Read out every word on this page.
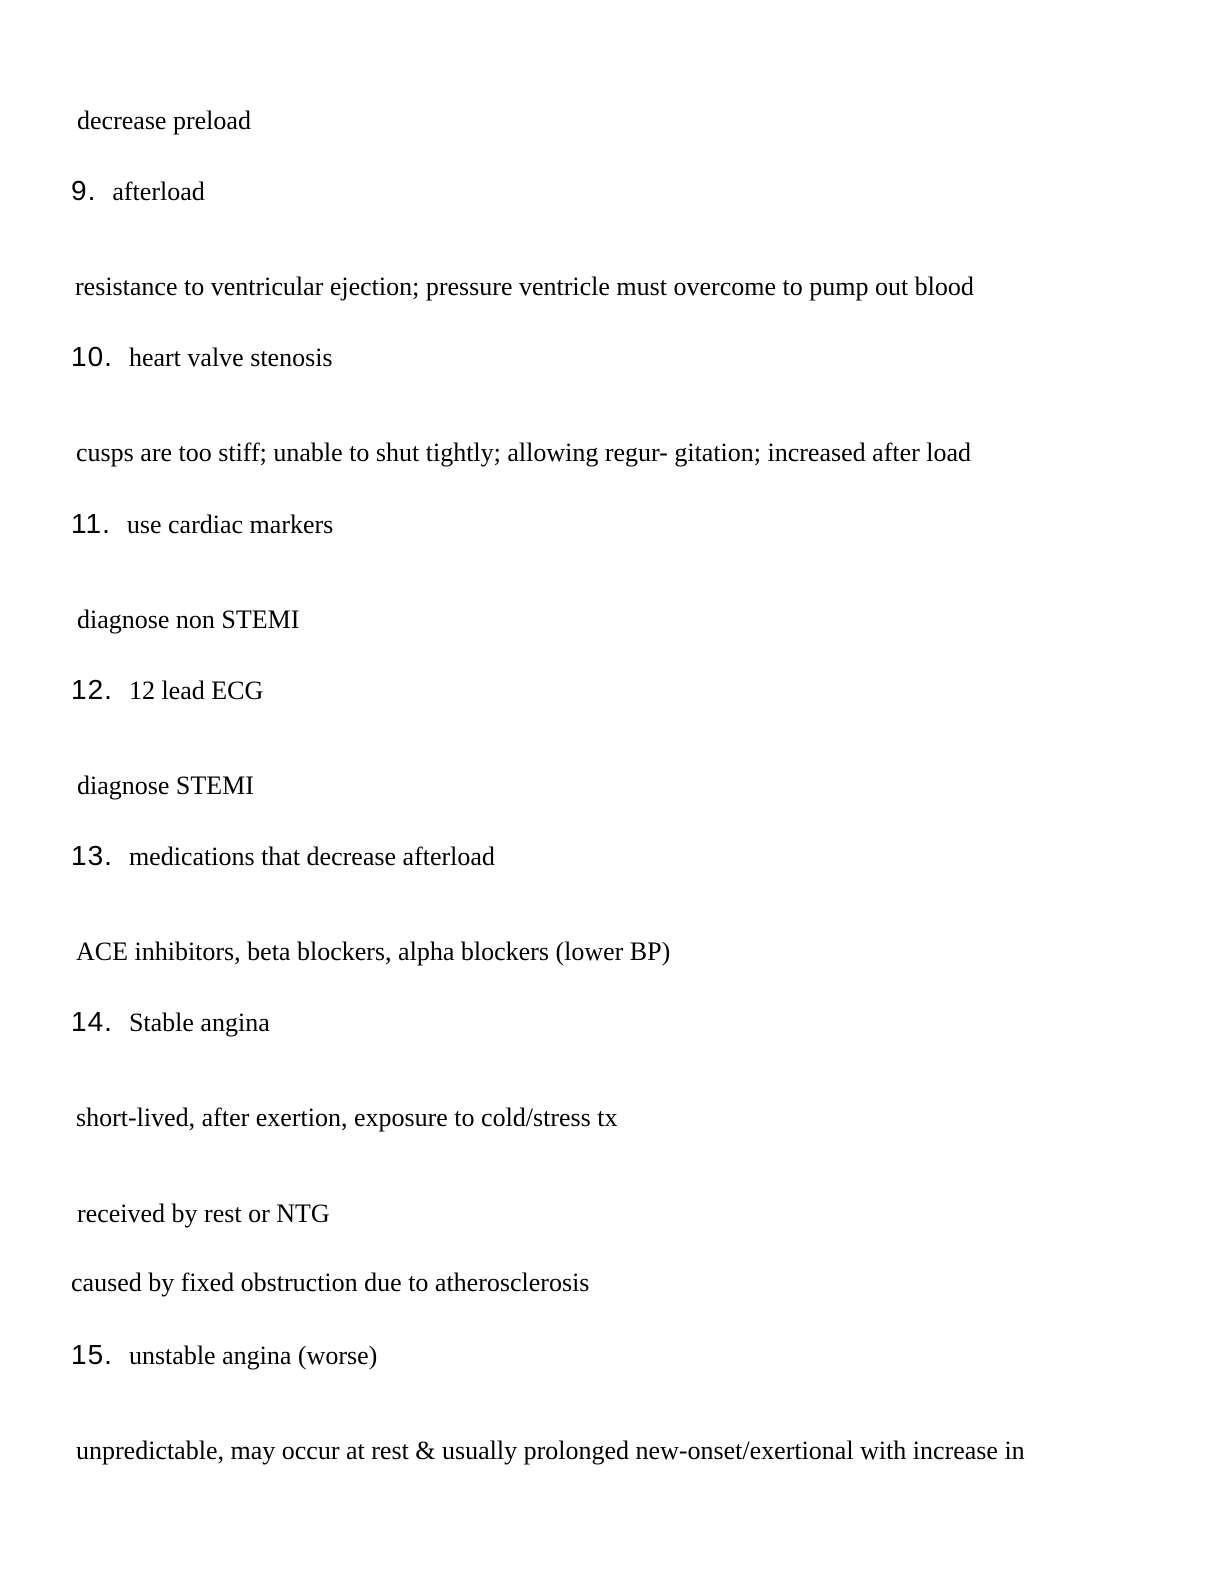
decrease preload
9. afterload
resistance to ventricular ejection; pressure ventricle must overcome to pump out blood
10. heart valve stenosis
cusps are too stiff; unable to shut tightly; allowing regur- gitation; increased after load
11. use cardiac markers
diagnose non STEMI
12. 12 lead ECG
diagnose STEMI
13. medications that decrease afterload
ACE inhibitors, beta blockers, alpha blockers (lower BP)
14. Stable angina
short-lived, after exertion, exposure to cold/stress tx
received by rest or NTG
caused by fixed obstruction due to atherosclerosis
15. unstable angina (worse)
unpredictable, may occur at rest & usually prolonged new-onset/exertional with increase in
